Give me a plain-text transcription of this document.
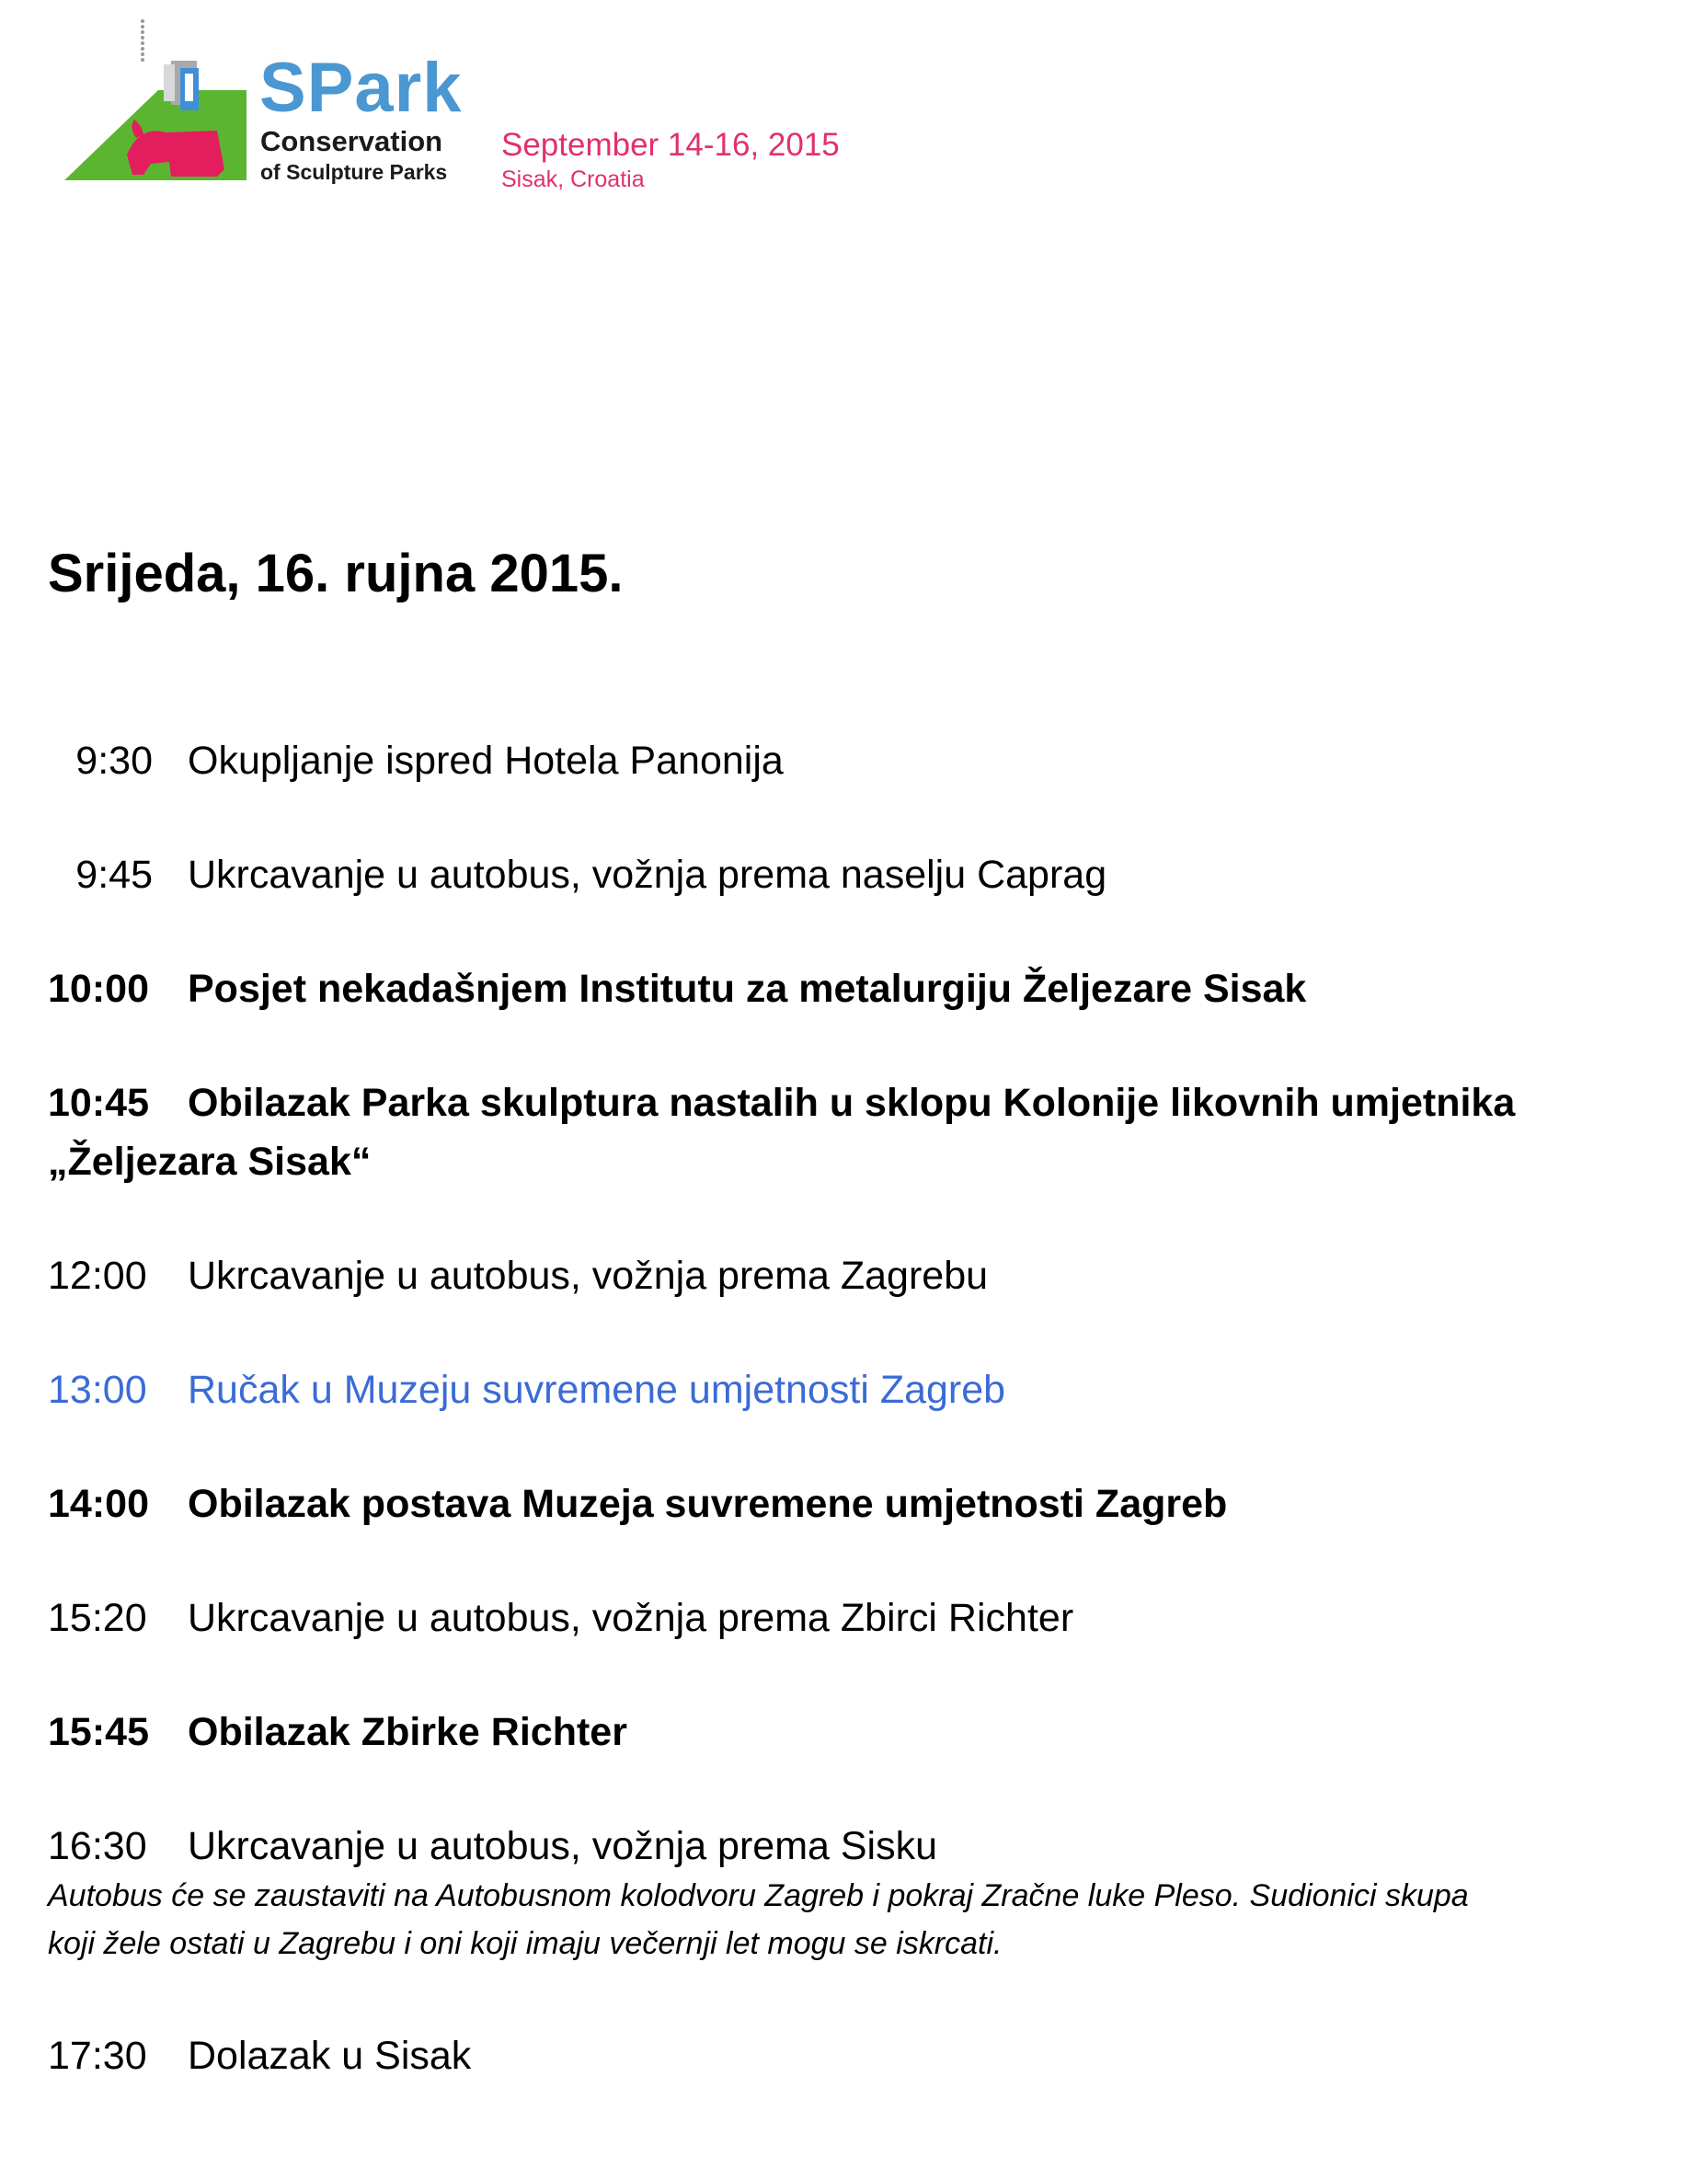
SPark
Conservation
of Sculpture Parks
September 14-16, 2015
Sisak, Croatia
Srijeda, 16. rujna 2015.
9:30 Okupljanje ispred Hotela Panonija
9:45 Ukrcavanje u autobus, vožnja prema naselju Caprag
10:00 Posjet nekadašnjem Institutu za metalurgiju Željezare Sisak
10:45 Obilazak Parka skulptura nastalih u sklopu Kolonije likovnih umjetnika
„Željezara Sisak“
12:00 Ukrcavanje u autobus, vožnja prema Zagrebu
13:00 Ručak u Muzeju suvremene umjetnosti Zagreb
14:00 Obilazak postava Muzeja suvremene umjetnosti Zagreb
15:20 Ukrcavanje u autobus, vožnja prema Zbirci Richter
15:45 Obilazak Zbirke Richter
16:30 Ukrcavanje u autobus, vožnja prema Sisku

Autobus će se zaustaviti na Autobusnom kolodvoru Zagreb i pokraj Zračne luke Pleso. Sudionici skupa

koji žele ostati u Zagrebu i oni koji imaju večernji let mogu se iskrcati.

17:30 Dolazak u Sisak
